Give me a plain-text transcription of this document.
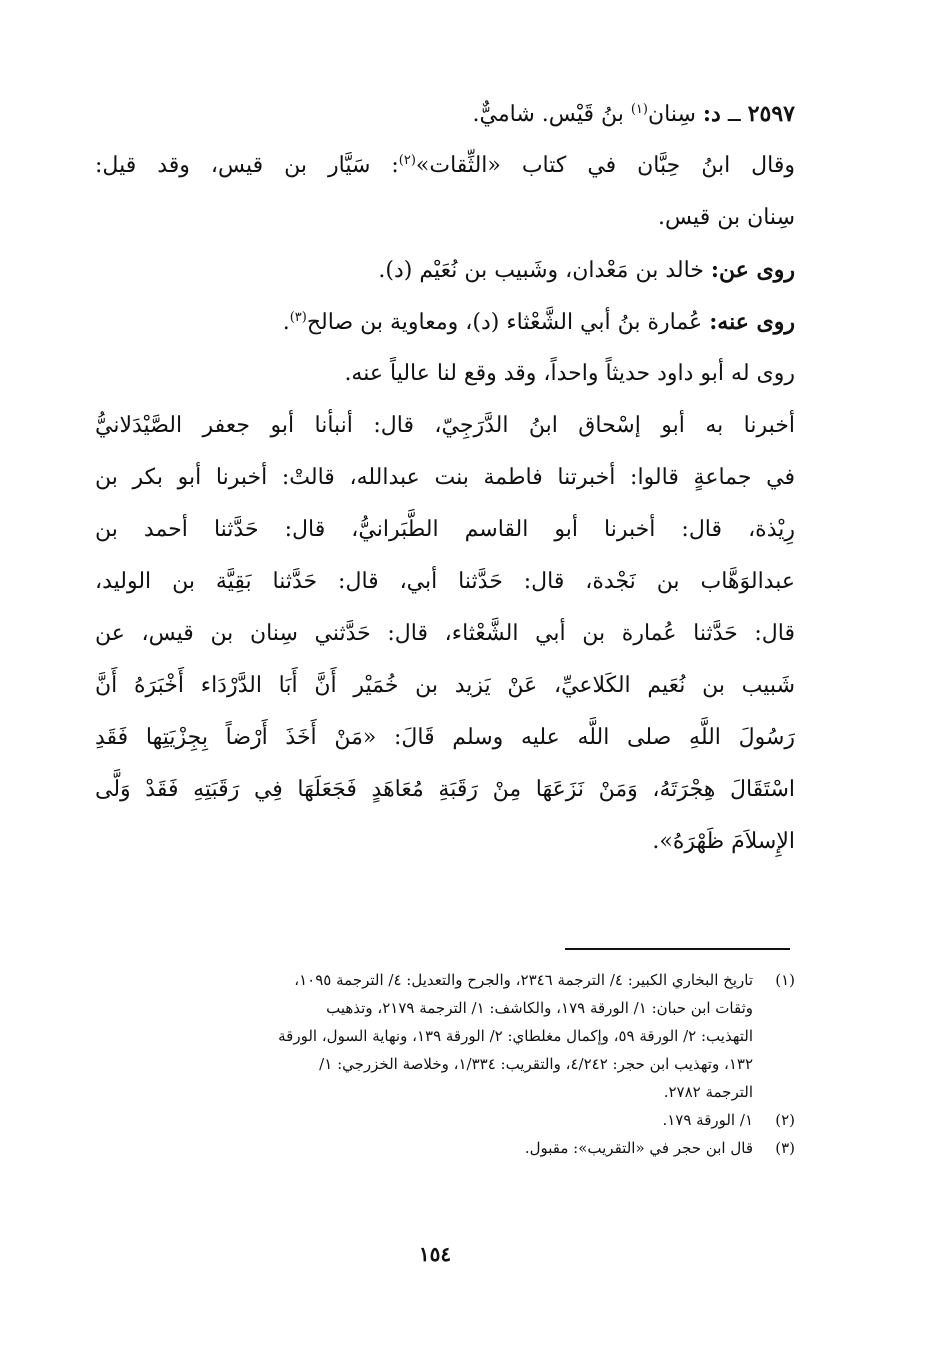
٢٥٩٧ ــ د: سِنان$^{(١)}$ بنُ قَيْس. شاميٌّ.
وقال ابنُ حِبَّان في كتاب «الثِّقات»$^{(٢)}$: سَيَّار بن قيس، وقد قيل:
سِنان بن قيس.
روى عن: خالد بن مَعْدان، وشَبيب بن نُعَيْم (د).
روى عنه: عُمارة بنُ أبي الشَّعْثاء (د)، ومعاوية بن صالح$^{(٣)}$.
روى له أبو داود حديثاً واحداً، وقد وقع لنا عالياً عنه.
أخبرنا به أبو إسْحاق ابنُ الدَّرَجِيّ، قال: أنبأنا أبو جعفر الصَّيْدَلانيُّ
في جماعةٍ قالوا: أخبرتنا فاطمة بنت عبدالله، قالتْ: أخبرنا أبو بكر بن
رِيْذة، قال: أخبرنا أبو القاسم الطَّبَرانيُّ، قال: حَدَّثنا أحمد بن
عبدالوَهَّاب بن نَجْدة، قال: حَدَّثنا أبي، قال: حَدَّثنا بَقِيَّة بن الوليد،
قال: حَدَّثنا عُمارة بن أبي الشَّعْثاء، قال: حَدَّثني سِنان بن قيس، عن
شَبيب بن نُعَيم الكَلاعيِّ، عَنْ يَزيد بن خُمَيْر أَنَّ أَبَا الدَّرْدَاء أَخْبَرَهُ أَنَّ
رَسُولَ اللَّهِ صلى اللَّه عليه وسلم قَالَ: «مَنْ أَخَذَ أَرْضاً بِجِزْيَتِها فَقَدِ
اسْتَقَالَ هِجْرَتَهُ، وَمَنْ نَزَعَهَا مِنْ رَقَبَةِ مُعَاهَدٍ فَجَعَلَهَا فِي رَقَبَتِهِ فَقَدْ وَلَّى
الإِسلاَمَ ظَهْرَهُ».
(١)تاريخ البخاري الكبير: ٤/ الترجمة ٢٣٤٦، والجرح والتعديل: ٤/ الترجمة ١٠٩٥،
وثقات ابن حبان: ١/ الورقة ١٧٩، والكاشف: ١/ الترجمة ٢١٧٩، وتذهيب
التهذيب: ٢/ الورقة ٥٩، وإكمال مغلطاي: ٢/ الورقة ١٣٩، ونهاية السول، الورقة
١٣٢، وتهذيب ابن حجر: ٤/٢٤٢، والتقريب: ١/٣٣٤، وخلاصة الخزرجي: ١/
الترجمة ٢٧٨٢.
(٢)١/ الورقة ١٧٩.
(٣)قال ابن حجر في «التقريب»: مقبول.
١٥٤
